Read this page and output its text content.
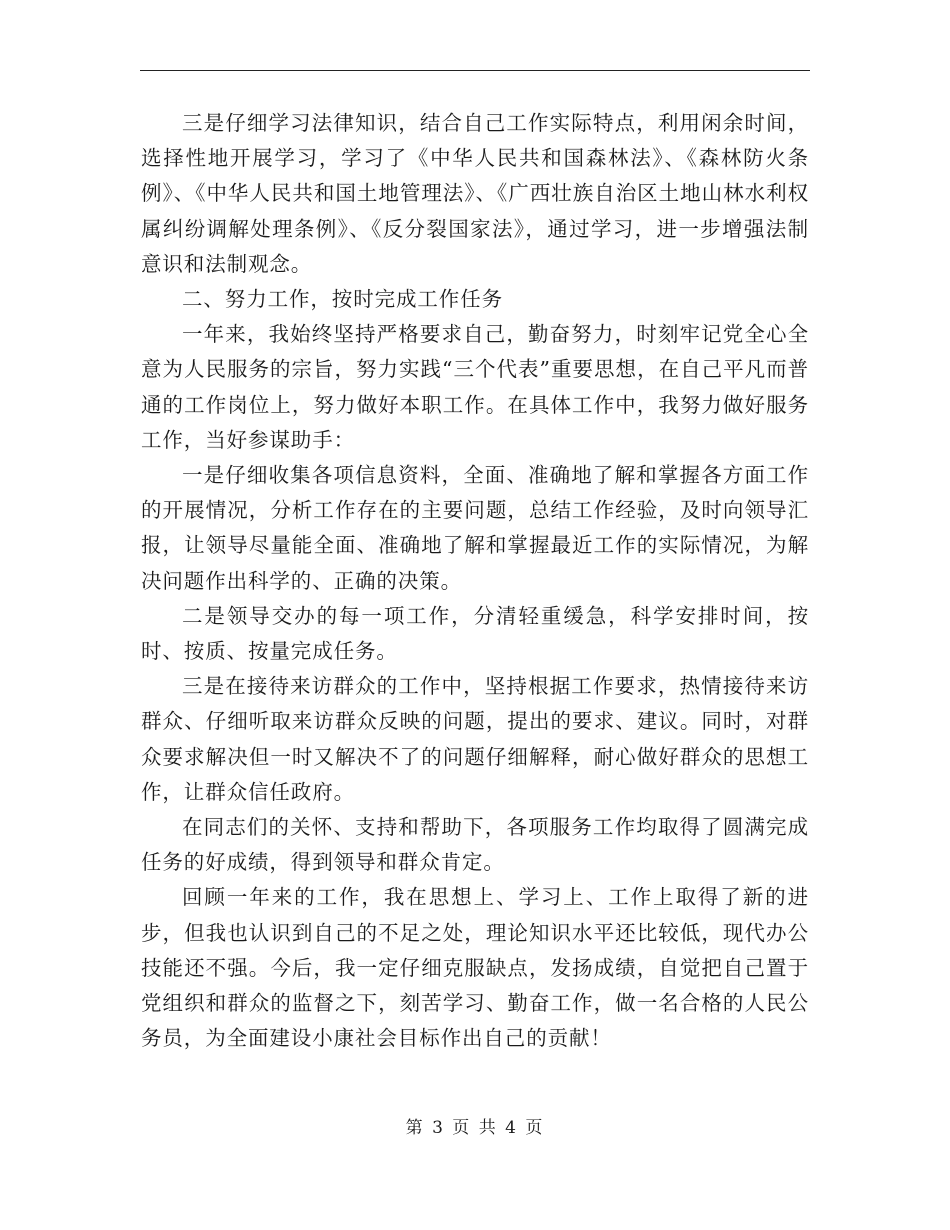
三是仔细学习法律知识，结合自己工作实际特点，利用闲余时间，选择性地开展学习，学习了《中华人民共和国森林法》、《森林防火条例》、《中华人民共和国土地管理法》、《广西壮族自治区土地山林水利权属纠纷调解处理条例》、《反分裂国家法》，通过学习，进一步增强法制意识和法制观念。

二、努力工作，按时完成工作任务

一年来，我始终坚持严格要求自己，勤奋努力，时刻牢记党全心全意为人民服务的宗旨，努力实践“三个代表”重要思想，在自己平凡而普通的工作岗位上，努力做好本职工作。在具体工作中，我努力做好服务工作，当好参谋助手：

一是仔细收集各项信息资料，全面、准确地了解和掌握各方面工作的开展情况，分析工作存在的主要问题，总结工作经验，及时向领导汇报，让领导尽量能全面、准确地了解和掌握最近工作的实际情况，为解决问题作出科学的、正确的决策。

二是领导交办的每一项工作，分清轻重缓急，科学安排时间，按时、按质、按量完成任务。

三是在接待来访群众的工作中，坚持根据工作要求，热情接待来访群众、仔细听取来访群众反映的问题，提出的要求、建议。同时，对群众要求解决但一时又解决不了的问题仔细解释，耐心做好群众的思想工作，让群众信任政府。

在同志们的关怀、支持和帮助下，各项服务工作均取得了圆满完成任务的好成绩，得到领导和群众肯定。

回顾一年来的工作，我在思想上、学习上、工作上取得了新的进步，但我也认识到自己的不足之处，理论知识水平还比较低，现代办公技能还不强。今后，我一定仔细克服缺点，发扬成绩，自觉把自己置于党组织和群众的监督之下，刻苦学习、勤奋工作，做一名合格的人民公务员，为全面建设小康社会目标作出自己的贡献！

第 3 页 共 4 页
